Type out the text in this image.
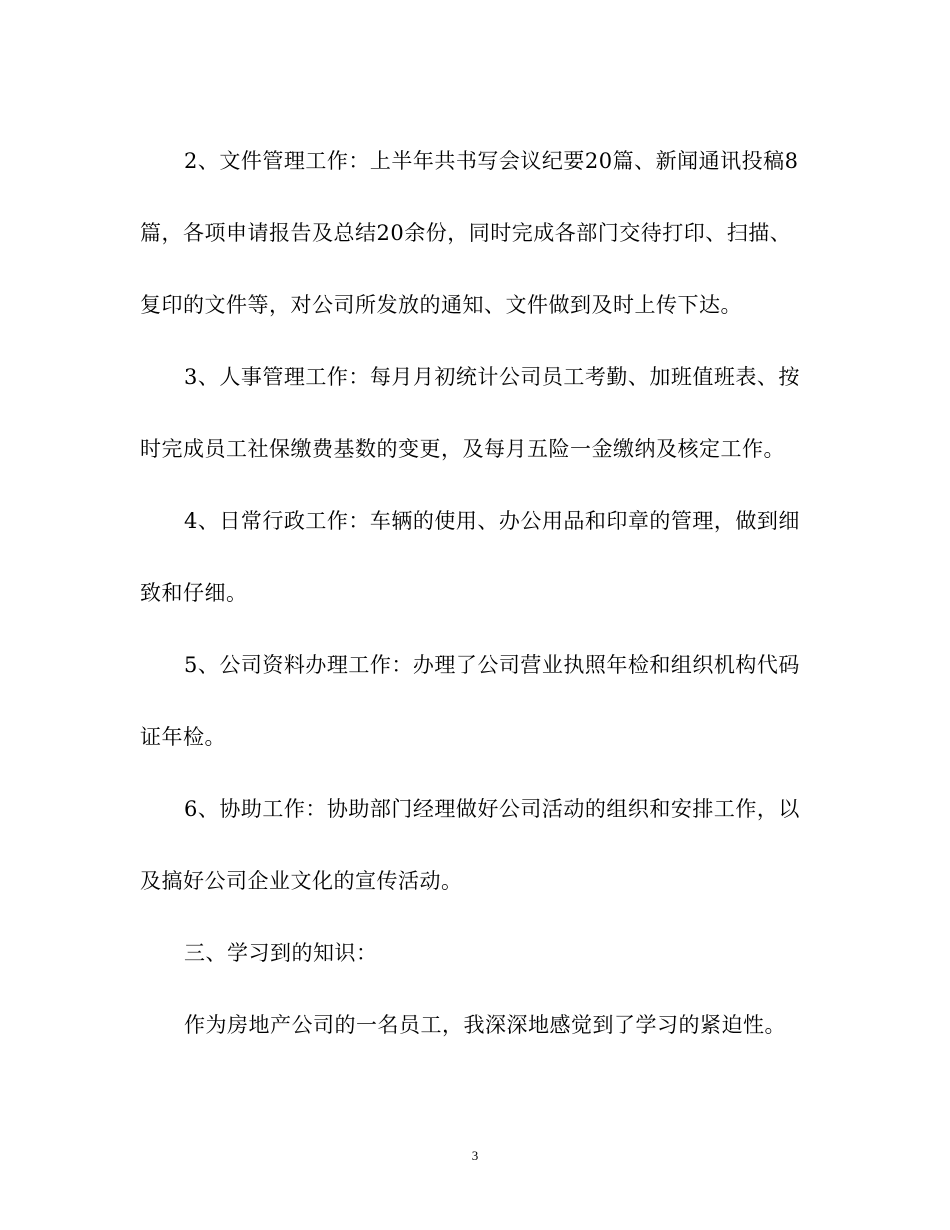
2、文件管理工作：上半年共书写会议纪要20篇、新闻通讯投稿8
篇，各项申请报告及总结20余份，同时完成各部门交待打印、扫描、
复印的文件等，对公司所发放的通知、文件做到及时上传下达。
3、人事管理工作：每月月初统计公司员工考勤、加班值班表、按
时完成员工社保缴费基数的变更，及每月五险一金缴纳及核定工作。
4、日常行政工作：车辆的使用、办公用品和印章的管理，做到细
致和仔细。
5、公司资料办理工作：办理了公司营业执照年检和组织机构代码
证年检。
6、协助工作：协助部门经理做好公司活动的组织和安排工作，以
及搞好公司企业文化的宣传活动。
三、学习到的知识：
作为房地产公司的一名员工，我深深地感觉到了学习的紧迫性。
3
